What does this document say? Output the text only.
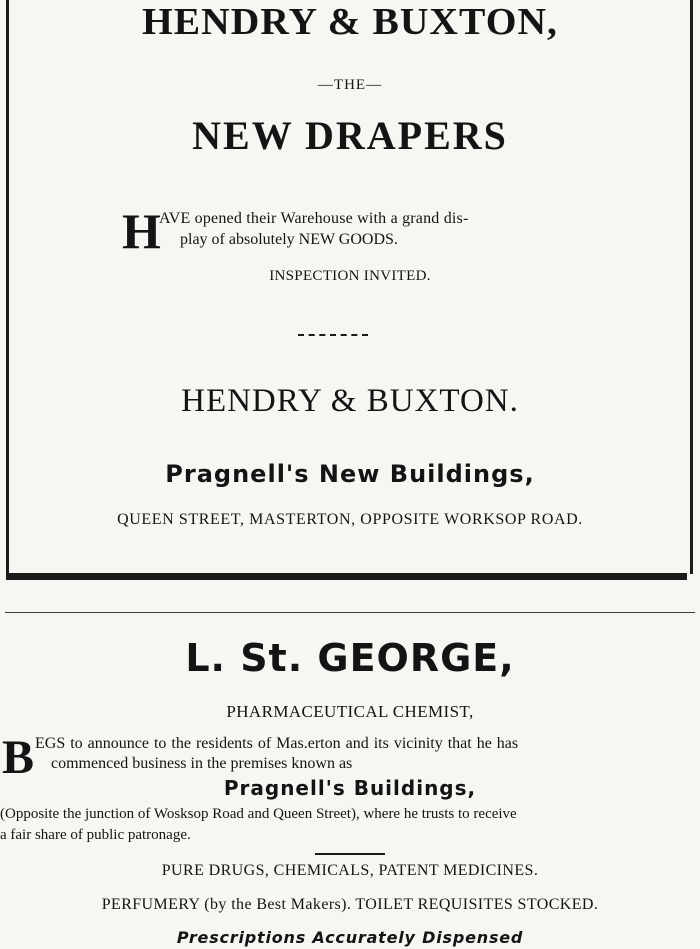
HENDRY & BUXTON,
—THE—
NEW DRAPERS
H
AVE opened their Warehouse with a grand dis-
play of absolutely NEW GOODS.
INSPECTION INVITED.
HENDRY & BUXTON.
Pragnell's New Buildings,
QUEEN STREET, MASTERTON, OPPOSITE WORKSOP ROAD.
L. St. GEORGE,
PHARMACEUTICAL CHEMIST,
B EGS to announce to the residents of Mas.erton and its vicinity that he has
commenced business in the premises known as
Pragnell's Buildings,
(Opposite the junction of Wosksop Road and Queen Street), where he trusts to receive
a fair share of public patronage.
PURE DRUGS, CHEMICALS, PATENT MEDICINES.
PERFUMERY (by the Best Makers). TOILET REQUISITES STOCKED.
Prescriptions Accurately Dispensed
